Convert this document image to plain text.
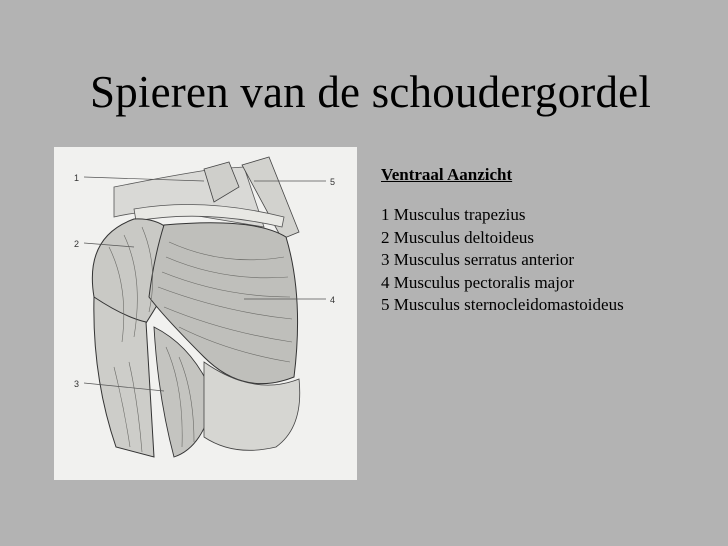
Spieren van de schoudergordel
1
2
3
4
5	Ventraal Aanzicht
1 Musculus trapezius
2 Musculus deltoideus
3 Musculus serratus anterior
4 Musculus pectoralis major
5 Musculus sternocleidomastoideus
